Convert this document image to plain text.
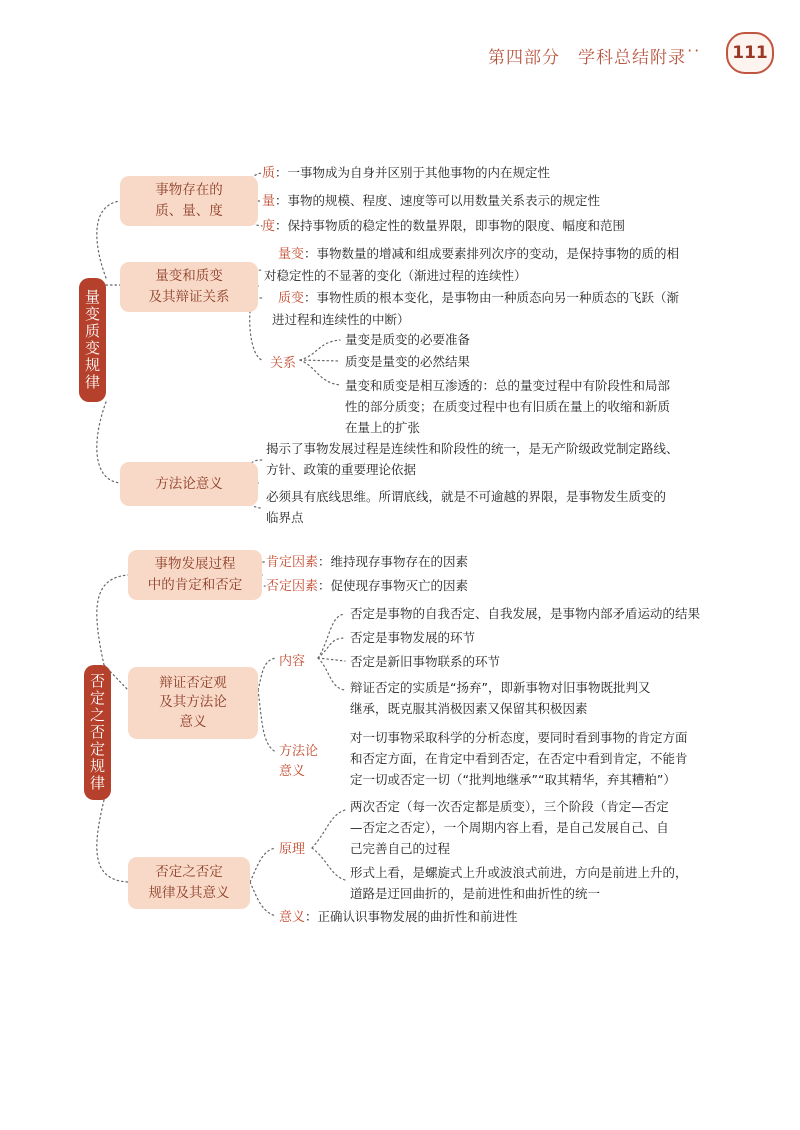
第四部分　学科总结附录
···	111
量变质变规律
事物存在的
质、量、度
质：一事物成为自身并区别于其他事物的内在规定性
量：事物的规模、程度、速度等可以用数量关系表示的规定性
度：保持事物质的稳定性的数量界限，即事物的限度、幅度和范围
量变和质变
及其辩证关系
量变：事物数量的增减和组成要素排列次序的变动，是保持事物的质的相
对稳定性的不显著的变化（渐进过程的连续性）
质变：事物性质的根本变化，是事物由一种质态向另一种质态的飞跃（渐
进过程和连续性的中断）
关系
量变是质变的必要准备
质变是量变的必然结果
量变和质变是相互渗透的：总的量变过程中有阶段性和局部
性的部分质变；在质变过程中也有旧质在量上的收缩和新质
在量上的扩张
方法论意义
揭示了事物发展过程是连续性和阶段性的统一，是无产阶级政党制定路线、
方针、政策的重要理论依据
必须具有底线思维。所谓底线，就是不可逾越的界限，是事物发生质变的
临界点
否定之否定规律
事物发展过程
中的肯定和否定
肯定因素：维持现存事物存在的因素
否定因素：促使现存事物灭亡的因素
辩证否定观
及其方法论
意义
内容
否定是事物的自我否定、自我发展，是事物内部矛盾运动的结果
否定是事物发展的环节
否定是新旧事物联系的环节
辩证否定的实质是“扬弃”，即新事物对旧事物既批判又
继承，既克服其消极因素又保留其积极因素
方法论
意义
对一切事物采取科学的分析态度，要同时看到事物的肯定方面
和否定方面，在肯定中看到否定，在否定中看到肯定，不能肯
定一切或否定一切（“批判地继承”“取其精华，弃其糟粕”）
否定之否定
规律及其意义
原理
两次否定（每一次否定都是质变），三个阶段（肯定—否定
—否定之否定），一个周期内容上看，是自己发展自己、自
己完善自己的过程
形式上看，是螺旋式上升或波浪式前进，方向是前进上升的，
道路是迂回曲折的，是前进性和曲折性的统一
意义：正确认识事物发展的曲折性和前进性
